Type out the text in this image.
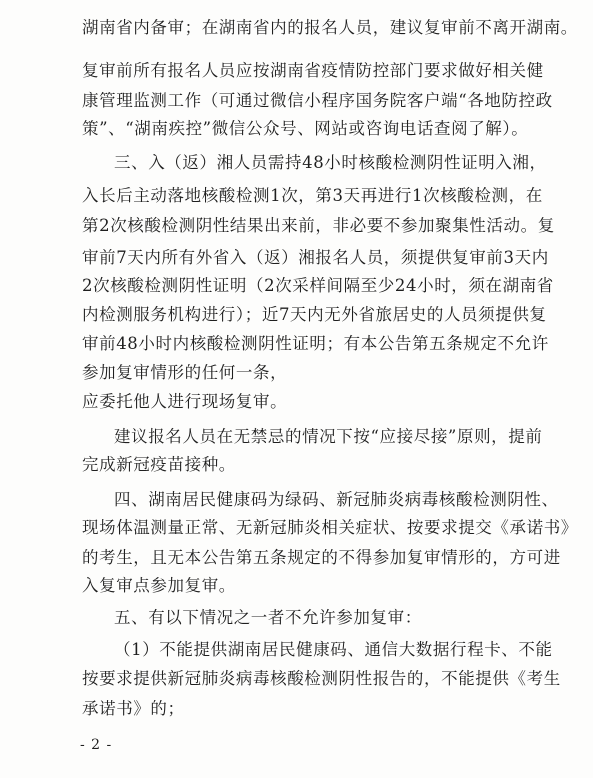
湖南省内备审；在湖南省内的报名人员，建议复审前不离开湖南。
复审前所有报名人员应按湖南省疫情防控部门要求做好相关健
康管理监测工作（可通过微信小程序国务院客户端“各地防控政
策”、“湖南疾控”微信公众号、网站或咨询电话查阅了解）。
三、入（返）湘人员需持48小时核酸检测阴性证明入湘，
入长后主动落地核酸检测1次，第3天再进行1次核酸检测，在
第2次核酸检测阴性结果出来前，非必要不参加聚集性活动。复
审前7天内所有外省入（返）湘报名人员，须提供复审前3天内
2次核酸检测阴性证明（2次采样间隔至少24小时，须在湖南省
内检测服务机构进行）；近7天内无外省旅居史的人员须提供复
审前48小时内核酸检测阴性证明；有本公告第五条规定不允许
参加复审情形的任何一条，
应委托他人进行现场复审。
建议报名人员在无禁忌的情况下按“应接尽接”原则，提前
完成新冠疫苗接种。
四、湖南居民健康码为绿码、新冠肺炎病毒核酸检测阴性、
现场体温测量正常、无新冠肺炎相关症状、按要求提交《承诺书》
的考生，且无本公告第五条规定的不得参加复审情形的，方可进
入复审点参加复审。
五、有以下情况之一者不允许参加复审：
（1）不能提供湖南居民健康码、通信大数据行程卡、不能
按要求提供新冠肺炎病毒核酸检测阴性报告的，不能提供《考生
承诺书》的；
- 2 -
